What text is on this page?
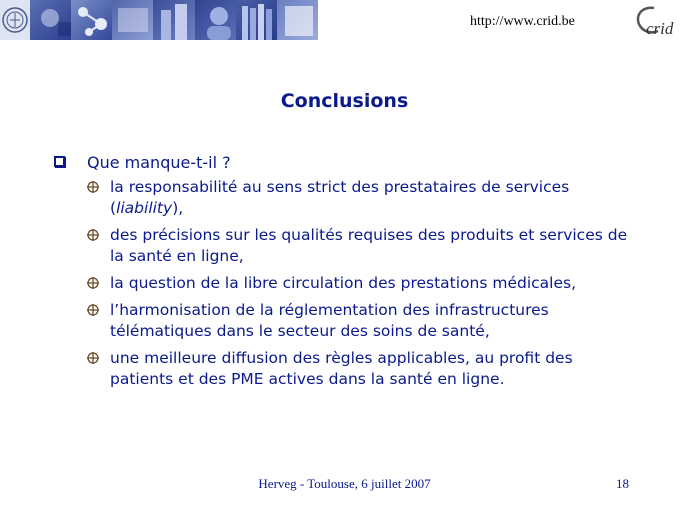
http://www.crid.be	crid
Conclusions
Que manque-t-il ?
la responsabilité au sens strict des prestataires de services (liability),
des précisions sur les qualités requises des produits et services de la santé en ligne,
la question de la libre circulation des prestations médicales,
l’harmonisation de la réglementation des infrastructures télématiques dans le secteur des soins de santé,
une meilleure diffusion des règles applicables, au profit des patients et des PME actives dans la santé en ligne.
Herveg - Toulouse, 6 juillet 2007	18
